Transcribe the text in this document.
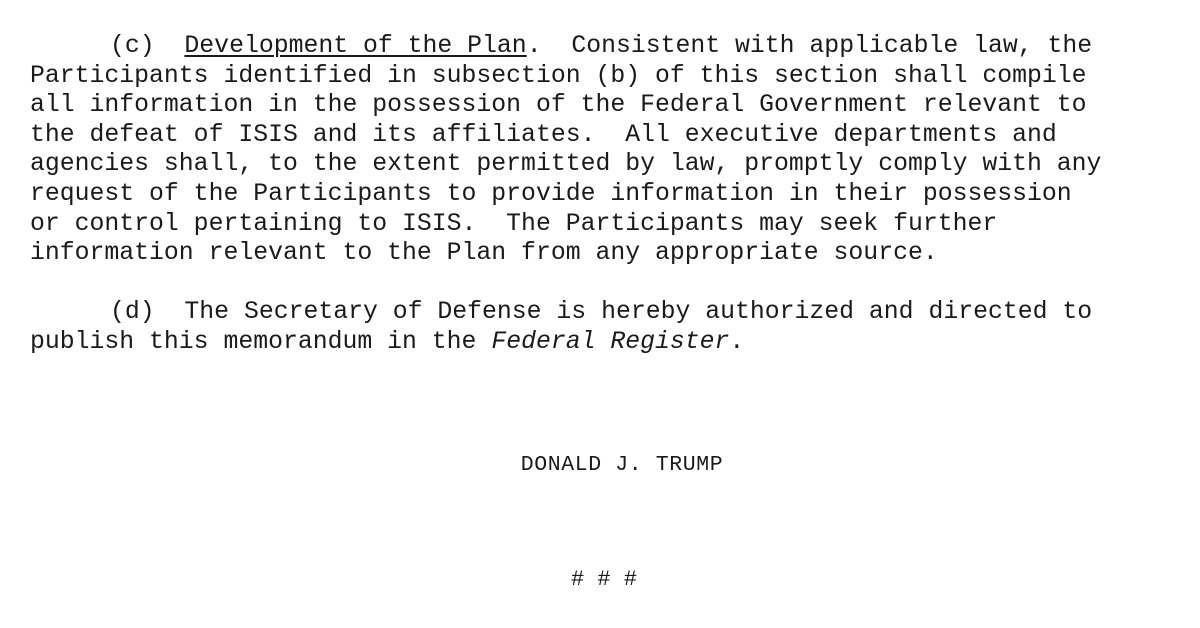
(c) Development of the Plan.  Consistent with applicable law, the
Participants identified in subsection (b) of this section shall compile
all information in the possession of the Federal Government relevant to
the defeat of ISIS and its affiliates.  All executive departments and
agencies shall, to the extent permitted by law, promptly comply with any
request of the Participants to provide information in their possession
or control pertaining to ISIS.  The Participants may seek further
information relevant to the Plan from any appropriate source.
(d)  The Secretary of Defense is hereby authorized and directed to
publish this memorandum in the Federal Register.
DONALD J. TRUMP
# # #
